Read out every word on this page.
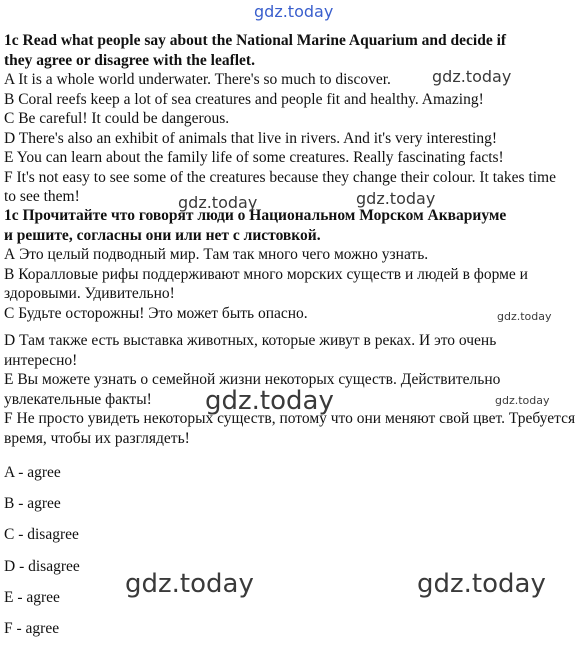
gdz.today
gdz.today
gdz.today	gdz.today
gdz.today
gdz.today	gdz.today
gdz.today	gdz.today
1c Read what people say about the National Marine Aquarium and decide if
they agree or disagree with the leaflet.
A It is a whole world underwater. There's so much to discover.
B Coral reefs keep a lot of sea creatures and people fit and healthy. Amazing!
C Be careful! It could be dangerous.
D There's also an exhibit of animals that live in rivers. And it's very interesting!
E You can learn about the family life of some creatures. Really fascinating facts!
F It's not easy to see some of the creatures because they change their colour. It takes time to see them!
1c Прочитайте что говорят люди о Национальном Морском Аквариуме
и решите, согласны они или нет с листовкой.
А Это целый подводный мир. Там так много чего можно узнать.
В Коралловые рифы поддерживают много морских существ и людей в форме и здоровыми. Удивительно!
С Будьте осторожны! Это может быть опасно.
D Там также есть выставка животных, которые живут в реках. И это очень интересно!
Е Вы можете узнать о семейной жизни некоторых существ. Действительно увлекательные факты!
F Не просто увидеть некоторых существ, потому что они меняют свой цвет. Требуется время, чтобы их разглядеть!
A - agree
B - agree
C - disagree
D - disagree
E - agree
F - agree
